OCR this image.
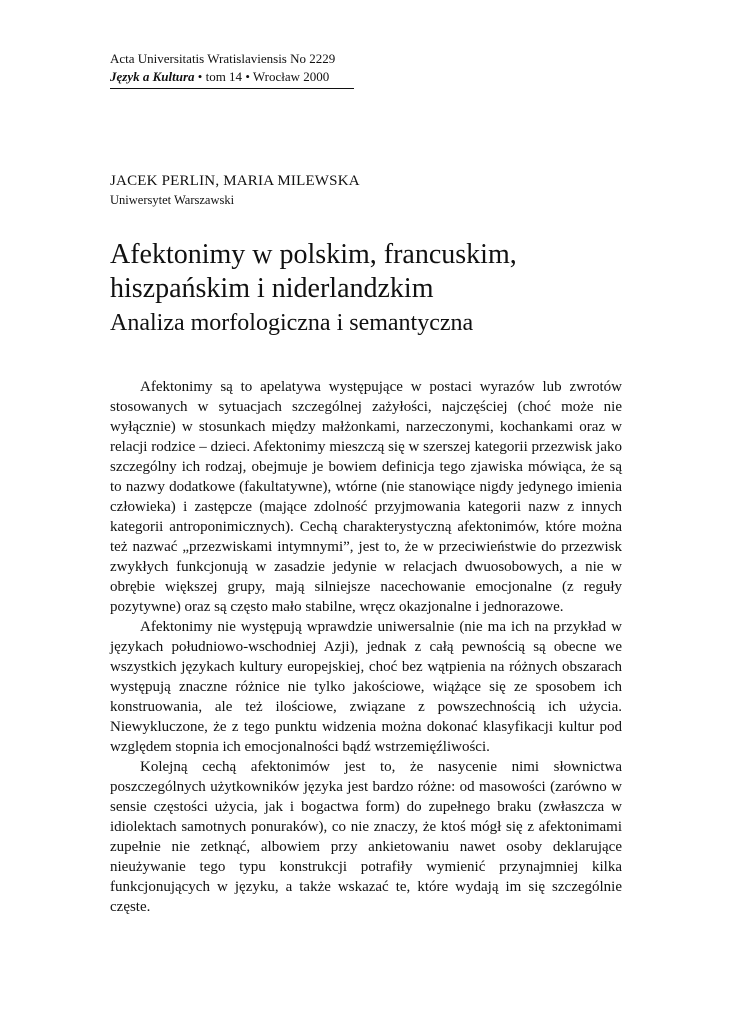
Acta Universitatis Wratislaviensis No 2229
Język a Kultura • tom 14 • Wrocław 2000
JACEK PERLIN, MARIA MILEWSKA
Uniwersytet Warszawski
Afektonimy w polskim, francuskim,
hiszpańskim i niderlandzkim
Analiza morfologiczna i semantyczna

Afektonimy są to apelatywa występujące w postaci wyrazów lub zwrotów stosowanych w sytuacjach szczególnej zażyłości, najczęściej (choć może nie wyłącznie) w stosunkach między małżonkami, narzeczonymi, kochankami oraz w relacji rodzice – dzieci. Afektonimy mieszczą się w szerszej kategorii przezwisk jako szczególny ich rodzaj, obejmuje je bowiem definicja tego zjawiska mówiąca, że są to nazwy dodatkowe (fakultatywne), wtórne (nie stanowiące nigdy jedynego imienia człowieka) i zastępcze (mające zdolność przyjmowania kategorii nazw z innych kategorii antroponimicznych). Cechą charakterystyczną afektonimów, które można też nazwać „przezwiskami intymnymi”, jest to, że w przeciwieństwie do przezwisk zwykłych funkcjonują w zasadzie jedynie w relacjach dwuosobowych, a nie w obrębie większej grupy, mają silniejsze nacechowanie emocjonalne (z reguły pozytywne) oraz są często mało stabilne, wręcz okazjonalne i jednorazowe.

Afektonimy nie występują wprawdzie uniwersalnie (nie ma ich na przykład w językach południowo-wschodniej Azji), jednak z całą pewnością są obecne we wszystkich językach kultury europejskiej, choć bez wątpienia na różnych obszarach występują znaczne różnice nie tylko jakościowe, wiążące się ze sposobem ich konstruowania, ale też ilościowe, związane z powszechnością ich użycia. Niewykluczone, że z tego punktu widzenia można dokonać klasyfikacji kultur pod względem stopnia ich emocjonalności bądź wstrzemięźliwości.

Kolejną cechą afektonimów jest to, że nasycenie nimi słownictwa poszczególnych użytkowników języka jest bardzo różne: od masowości (zarówno w sensie częstości użycia, jak i bogactwa form) do zupełnego braku (zwłaszcza w idiolektach samotnych ponuraków), co nie znaczy, że ktoś mógł się z afektonimami zupełnie nie zetknąć, albowiem przy ankietowaniu nawet osoby deklarujące nieużywanie tego typu konstrukcji potrafiły wymienić przynajmniej kilka funkcjonujących w języku, a także wskazać te, które wydają im się szczególnie częste.
